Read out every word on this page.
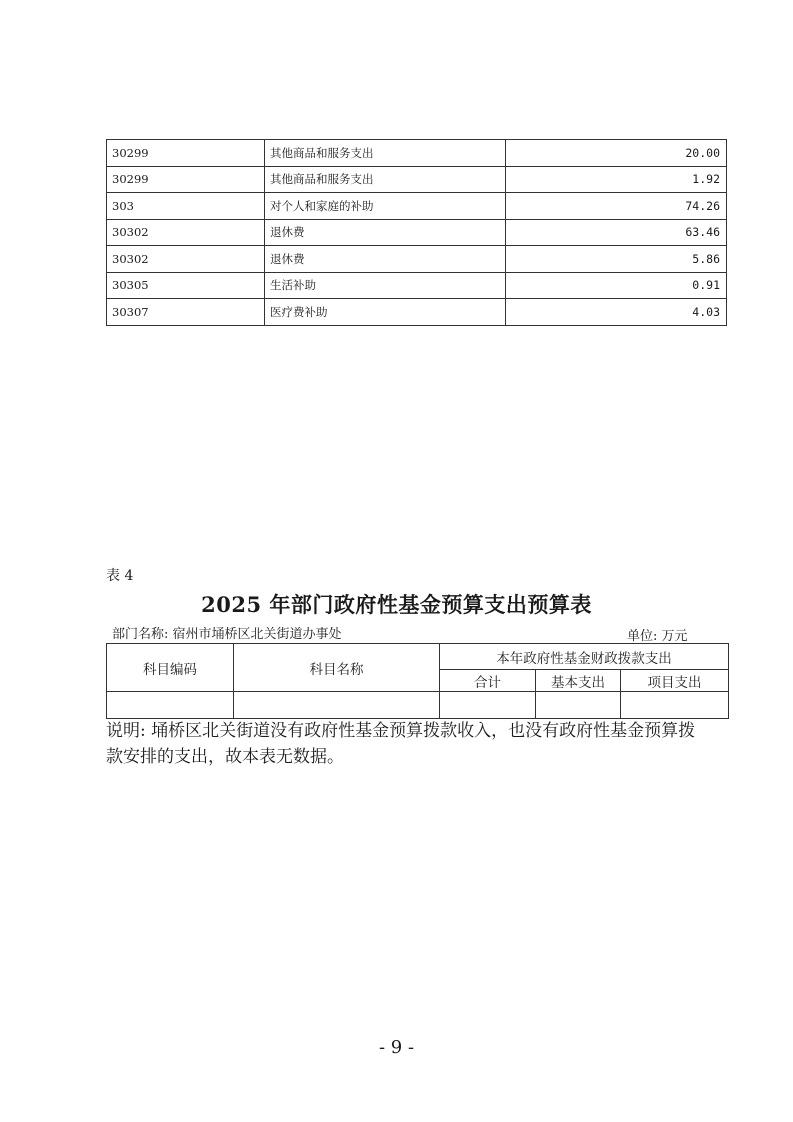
30299	其他商品和服务支出	20.00
30299	其他商品和服务支出	1.92
303	对个人和家庭的补助	74.26
30302	退休费	63.46
30302	退休费	5.86
30305	生活补助	0.91
30307	医疗费补助	4.03
表 4
2025 年部门政府性基金预算支出预算表
部门名称: 宿州市埇桥区北关街道办事处	单位: 万元
科目编码	科目名称	本年政府性基金财政拨款支出		
		合计	基本支出	项目支出

说明: 埇桥区北关街道没有政府性基金预算拨款收入，也没有政府性基金预算拨款安排的支出，故本表无数据。
- 9 -
